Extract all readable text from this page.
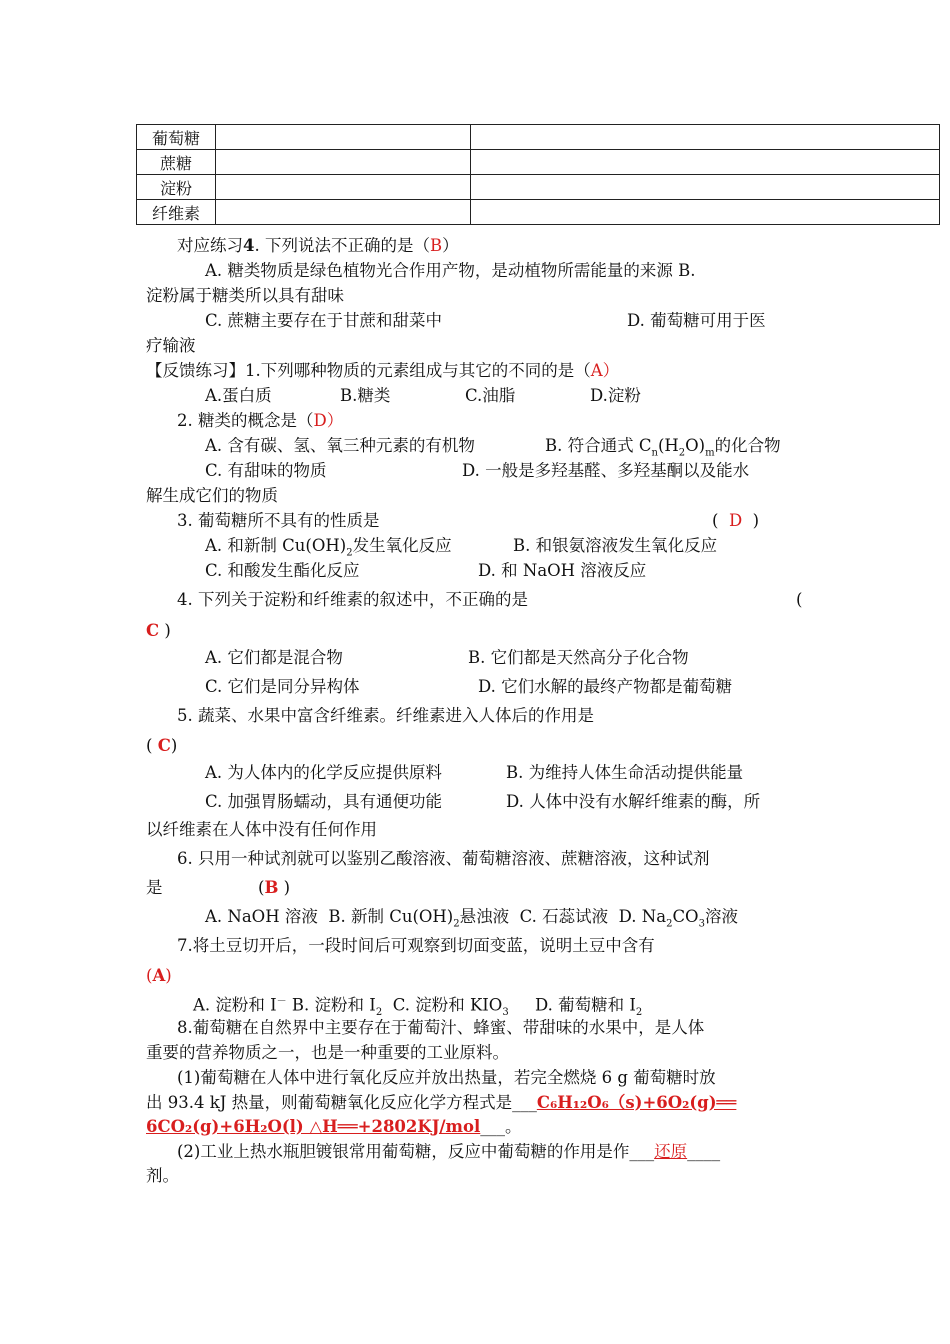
葡萄糖		
蔗糖		
淀粉		
纤维素		
对应练习4. 下列说法不正确的是（B）
A. 糖类物质是绿色植物光合作用产物，是动植物所需能量的来源 B.
淀粉属于糖类所以具有甜味
C. 蔗糖主要存在于甘蔗和甜菜中	D. 葡萄糖可用于医
疗输液
【反馈练习】1.下列哪种物质的元素组成与其它的不同的是（A）
A.蛋白质	B.糖类	C.油脂	D.淀粉
2. 糖类的概念是（D）
A. 含有碳、氢、氧三种元素的有机物	B. 符合通式 $C_n(H_2O)_m$的化合物
C. 有甜味的物质	D. 一般是多羟基醛、多羟基酮以及能水
解生成它们的物质
3. 葡萄糖所不具有的性质是	( D )
A. 和新制 $Cu(OH)_2$发生氧化反应	B. 和银氨溶液发生氧化反应
C. 和酸发生酯化反应	D. 和 NaOH 溶液反应
4. 下列关于淀粉和纤维素的叙述中，不正确的是	(
C )
A. 它们都是混合物	B. 它们都是天然高分子化合物
C. 它们是同分异构体	D. 它们水解的最终产物都是葡萄糖
5. 蔬菜、水果中富含纤维素。纤维素进入人体后的作用是
( C)
A. 为人体内的化学反应提供原料	B. 为维持人体生命活动提供能量
C. 加强胃肠蠕动，具有通便功能	D. 人体中没有水解纤维素的酶，所
以纤维素在人体中没有任何作用
6. 只用一种试剂就可以鉴别乙酸溶液、葡萄糖溶液、蔗糖溶液，这种试剂
是	(B )
A. NaOH 溶液 B. 新制 $Cu(OH)_2$悬浊液 C. 石蕊试液 D. $Na_2CO_3$溶液
7.将土豆切开后，一段时间后可观察到切面变蓝，说明土豆中含有
(A)
A. 淀粉和 I－ B. 淀粉和 $I_2$ C. 淀粉和 $KIO_3$ D. 葡萄糖和 $I_2$
8.葡萄糖在自然界中主要存在于葡萄汁、蜂蜜、带甜味的水果中，是人体
重要的营养物质之一，也是一种重要的工业原料。
(1)葡萄糖在人体中进行氧化反应并放出热量，若完全燃烧 6 g 葡萄糖时放
出 93.4 kJ 热量，则葡萄糖氧化反应化学方程式是___C₆H₁₂O₆（s)+6O₂(g)══
6CO₂(g)+6H₂O(l) △H══+2802KJ/mol___。
(2)工业上热水瓶胆镀银常用葡萄糖，反应中葡萄糖的作用是作___还原____
剂。
